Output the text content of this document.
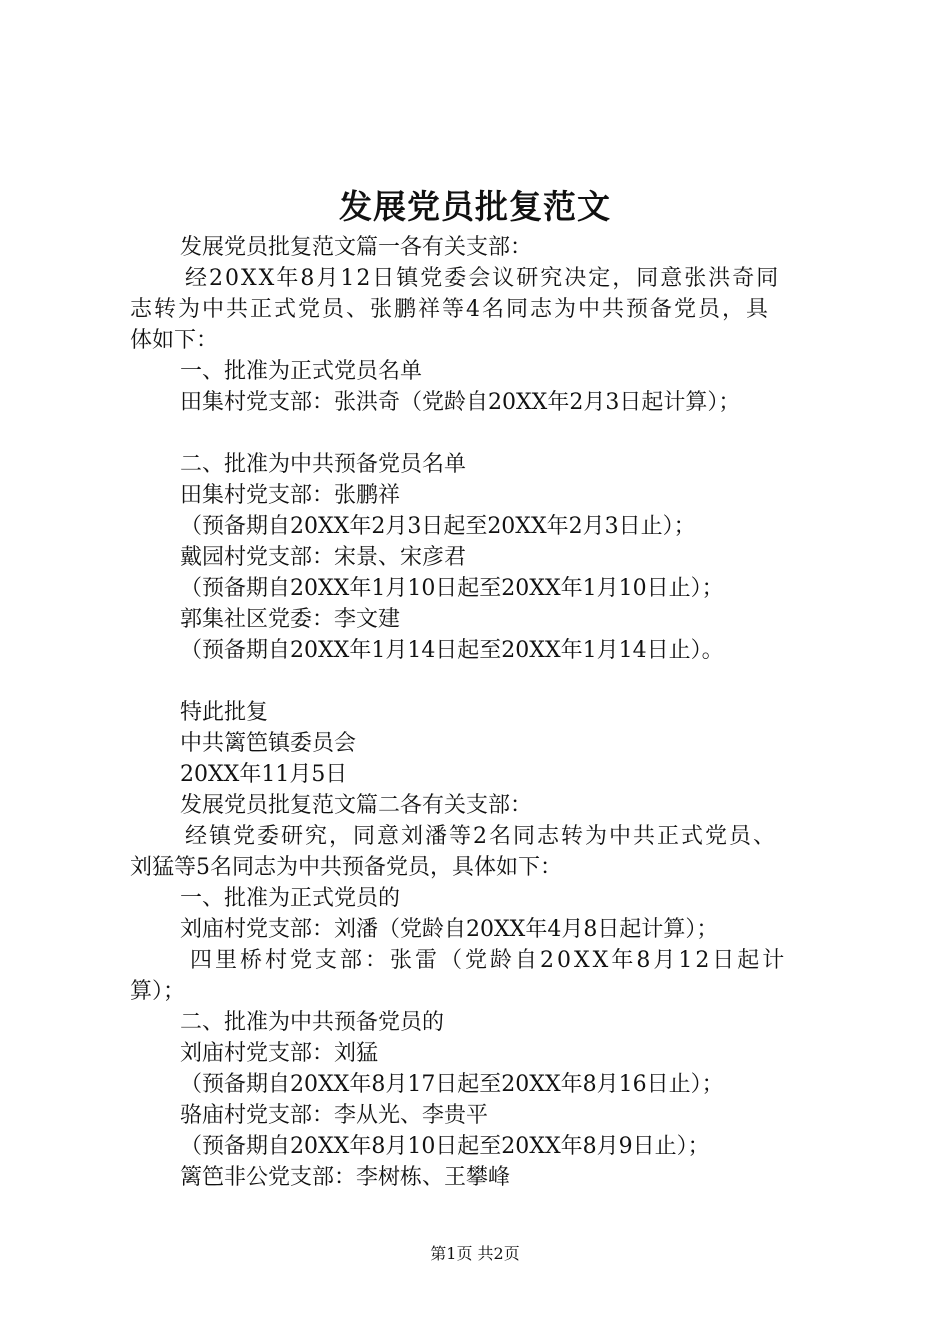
发展党员批复范文
发展党员批复范文篇一各有关支部：
经20XX年8月12日镇党委会议研究决定，同意张洪奇同
志转为中共正式党员、张鹏祥等4名同志为中共预备党员，具
体如下：
一、批准为正式党员名单
田集村党支部：张洪奇（党龄自20XX年2月3日起计算）；
二、批准为中共预备党员名单
田集村党支部：张鹏祥
（预备期自20XX年2月3日起至20XX年2月3日止）；
戴园村党支部：宋景、宋彦君
（预备期自20XX年1月10日起至20XX年1月10日止）；
郭集社区党委：李文建
（预备期自20XX年1月14日起至20XX年1月14日止）。
特此批复
中共篱笆镇委员会
20XX年11月5日
发展党员批复范文篇二各有关支部：
经镇党委研究，同意刘潘等2名同志转为中共正式党员、
刘猛等5名同志为中共预备党员，具体如下：
一、批准为正式党员的
刘庙村党支部：刘潘（党龄自20XX年4月8日起计算）；
四里桥村党支部：张雷（党龄自20XX年8月12日起计
算）；
二、批准为中共预备党员的
刘庙村党支部：刘猛
（预备期自20XX年8月17日起至20XX年8月16日止）；
骆庙村党支部：李从光、李贵平
（预备期自20XX年8月10日起至20XX年8月9日止）；
篱笆非公党支部：李树栋、王攀峰
第1页 共2页
